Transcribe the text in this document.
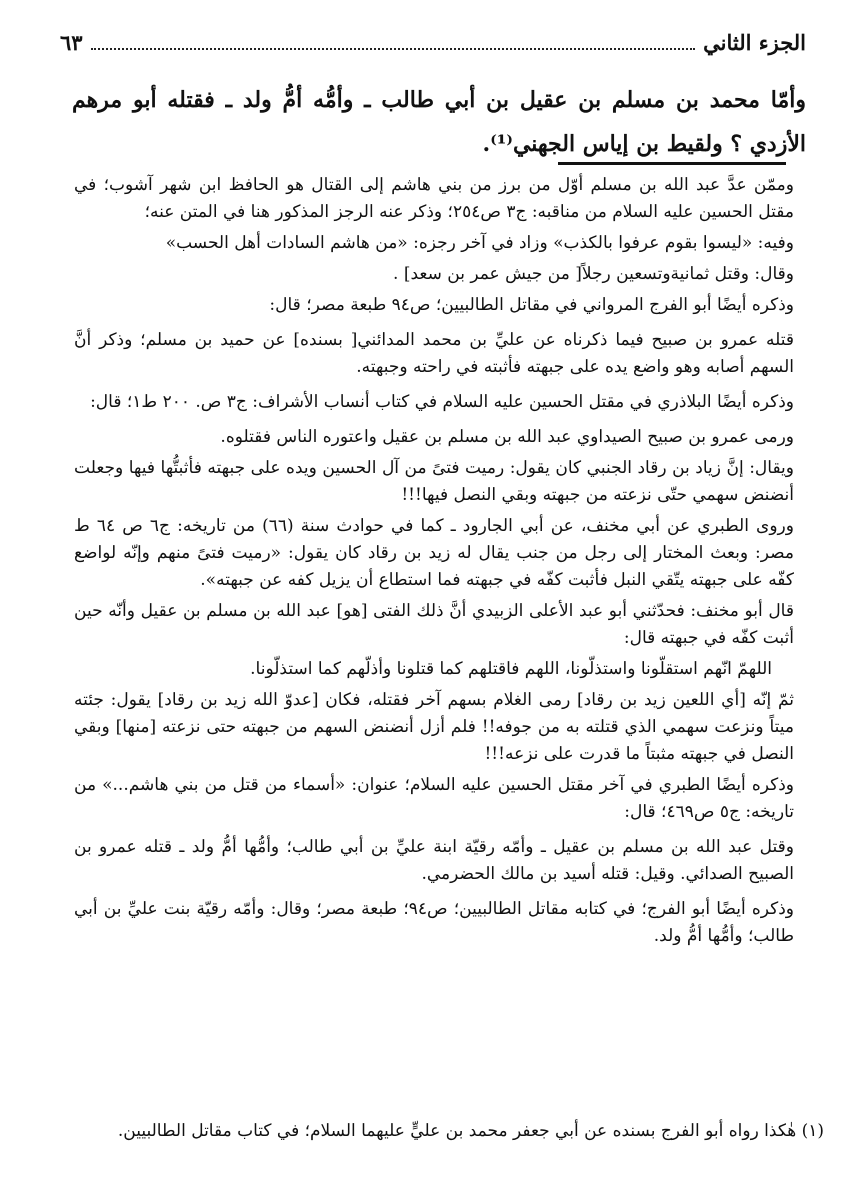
الجزء الثاني
٦٣
وأمّا محمد بن مسلم بن عقيل بن أبي طالب ـ وأمُّه أمُّ ولد ـ فقتله أبو مرهم الأزدي ؟ ولقيط بن إياس الجهني⁽¹⁾.

وممّن عدَّ عبد الله بن مسلم أوّل من برز من بني هاشم إلى القتال هو الحافظ ابن شهر آشوب؛ في مقتل الحسين عليه السلام من مناقبه: ج٣ ص٢٥٤؛ وذكر عنه الرجز المذكور هنا في المتن عنه؛

وفيه: «ليسوا بقوم عرفوا بالكذب» وزاد في آخر رجزه: «من هاشم السادات أهل الحسب»

وقال: وقتل ثمانيةوتسعين رجلاً[ من جيش عمر بن سعد] .

وذكره أيضًا أبو الفرج المرواني في مقاتل الطالبيين؛ ص٩٤ طبعة مصر؛ قال:

قتله عمرو بن صبيح فيما ذكرناه عن عليِّ بن محمد المدائني[ بسنده] عن حميد بن مسلم؛ وذكر أنَّ السهم أصابه وهو واضع يده على جبهته فأثبته في راحته وجبهته.

وذكره أيضًا البلاذري في مقتل الحسين عليه السلام في كتاب أنساب الأشراف: ج٣ ص. ٢٠٠ ط١؛ قال:

ورمى عمرو بن صبيح الصيداوي عبد الله بن مسلم بن عقيل واعتوره الناس فقتلوه.

ويقال: إنَّ زياد بن رقاد الجنبي كان يقول: رميت فتىً من آل الحسين ويده على جبهته فأثبتُّها فيها وجعلت أنضنض سهمي حتّى نزعته من جبهته وبقي النصل فيها!!!

وروى الطبري عن أبي مخنف، عن أبي الجارود ـ كما في حوادث سنة (٦٦) من تاريخه: ج٦ ص ٦٤ ط مصر: وبعث المختار إلى رجل من جنب يقال له زيد بن رقاد كان يقول: «رميت فتىً منهم وإنّه لواضع كفّه على جبهته يتّقي النبل فأثبت كفّه في جبهته فما استطاع أن يزيل كفه عن جبهته».

قال أبو مخنف: فحدّثني أبو عبد الأعلى الزبيدي أنَّ ذلك الفتى [هو] عبد الله بن مسلم بن عقيل وأنّه حين أثبت كفّه في جبهته قال:

اللهمّ انّهم استقلّونا واستذلّونا، اللهم فاقتلهم كما قتلونا وأذلّهم كما استذلّونا.

ثمّ إنّه [أي اللعين زيد بن رقاد] رمى الغلام بسهم آخر فقتله، فكان [عدوّ الله زيد بن رقاد] يقول: جئته ميتاً ونزعت سهمي الذي قتلته به من جوفه!! فلم أزل أنضنض السهم من جبهته حتى نزعته [منها] وبقي النصل في جبهته مثبتاً ما قدرت على نزعه!!!

وذكره أيضًا الطبري في آخر مقتل الحسين عليه السلام؛ عنوان: «أسماء من قتل من بني هاشم...» من تاريخه: ج٥ ص٤٦٩؛ قال:

وقتل عبد الله بن مسلم بن عقيل ـ وأمّه رقيّة ابنة عليِّ بن أبي طالب؛ وأمُّها أمُّ ولد ـ قتله عمرو بن الصبيح الصدائي. وقيل: قتله أسيد بن مالك الحضرمي.

وذكره أيضًا أبو الفرج؛ في كتابه مقاتل الطالبيين؛ ص٩٤؛ طبعة مصر؛ وقال: وأمّه رقيّة بنت عليِّ بن أبي طالب؛ وأمُّها أمُّ ولد.

(١) هٰكذا رواه أبو الفرج بسنده عن أبي جعفر محمد بن عليٍّ عليهما السلام؛ في كتاب مقاتل الطالبيين.
